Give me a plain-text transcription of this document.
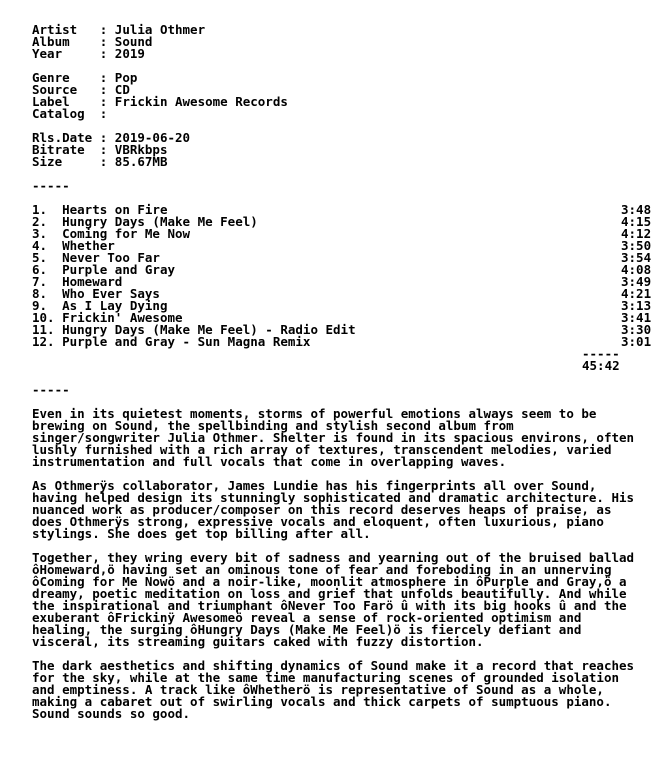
Artist   : Julia Othmer
Album    : Sound
Year     : 2019
Genre    : Pop
Source   : CD
Label    : Frickin Awesome Records
Catalog  :
Rls.Date : 2019-06-20
Bitrate  : VBRkbps
Size     : 85.67MB
-----
1.  Hearts on Fire	3:48
2.  Hungry Days (Make Me Feel)	4:15
3.  Coming for Me Now	4:12
4.  Whether	3:50
5.  Never Too Far	3:54
6.  Purple and Gray	4:08
7.  Homeward	3:49
8.  Who Ever Says	4:21
9.  As I Lay Dying	3:13
10. Frickin' Awesome	3:41
11. Hungry Days (Make Me Feel) - Radio Edit	3:30
12. Purple and Gray - Sun Magna Remix	3:01
-----
45:42
-----

Even in its quietest moments, storms of powerful emotions always seem to be brewing on Sound, the spellbinding and stylish second album from singer/songwriter Julia Othmer. Shelter is found in its spacious environs, often lushly furnished with a rich array of textures, transcendent melodies, varied instrumentation and full vocals that come in overlapping waves.

As Othmerÿs collaborator, James Lundie has his fingerprints all over Sound, having helped design its stunningly sophisticated and dramatic architecture. His nuanced work as producer/composer on this record deserves heaps of praise, as does Othmerÿs strong, expressive vocals and eloquent, often luxurious, piano stylings. She does get top billing after all.

Together, they wring every bit of sadness and yearning out of the bruised ballad ôHomeward,ö having set an ominous tone of fear and foreboding in an unnerving ôComing for Me Nowö and a noir-like, moonlit atmosphere in ôPurple and Gray,ö a dreamy, poetic meditation on loss and grief that unfolds beautifully. And while the inspirational and triumphant ôNever Too Farö û with its big hooks û and the exuberant ôFrickinÿ Awesomeö reveal a sense of rock-oriented optimism and healing, the surging ôHungry Days (Make Me Feel)ö is fiercely defiant and visceral, its streaming guitars caked with fuzzy distortion.

The dark aesthetics and shifting dynamics of Sound make it a record that reaches for the sky, while at the same time manufacturing scenes of grounded isolation and emptiness. A track like ôWhetherö is representative of Sound as a whole, making a cabaret out of swirling vocals and thick carpets of sumptuous piano. Sound sounds so good.
